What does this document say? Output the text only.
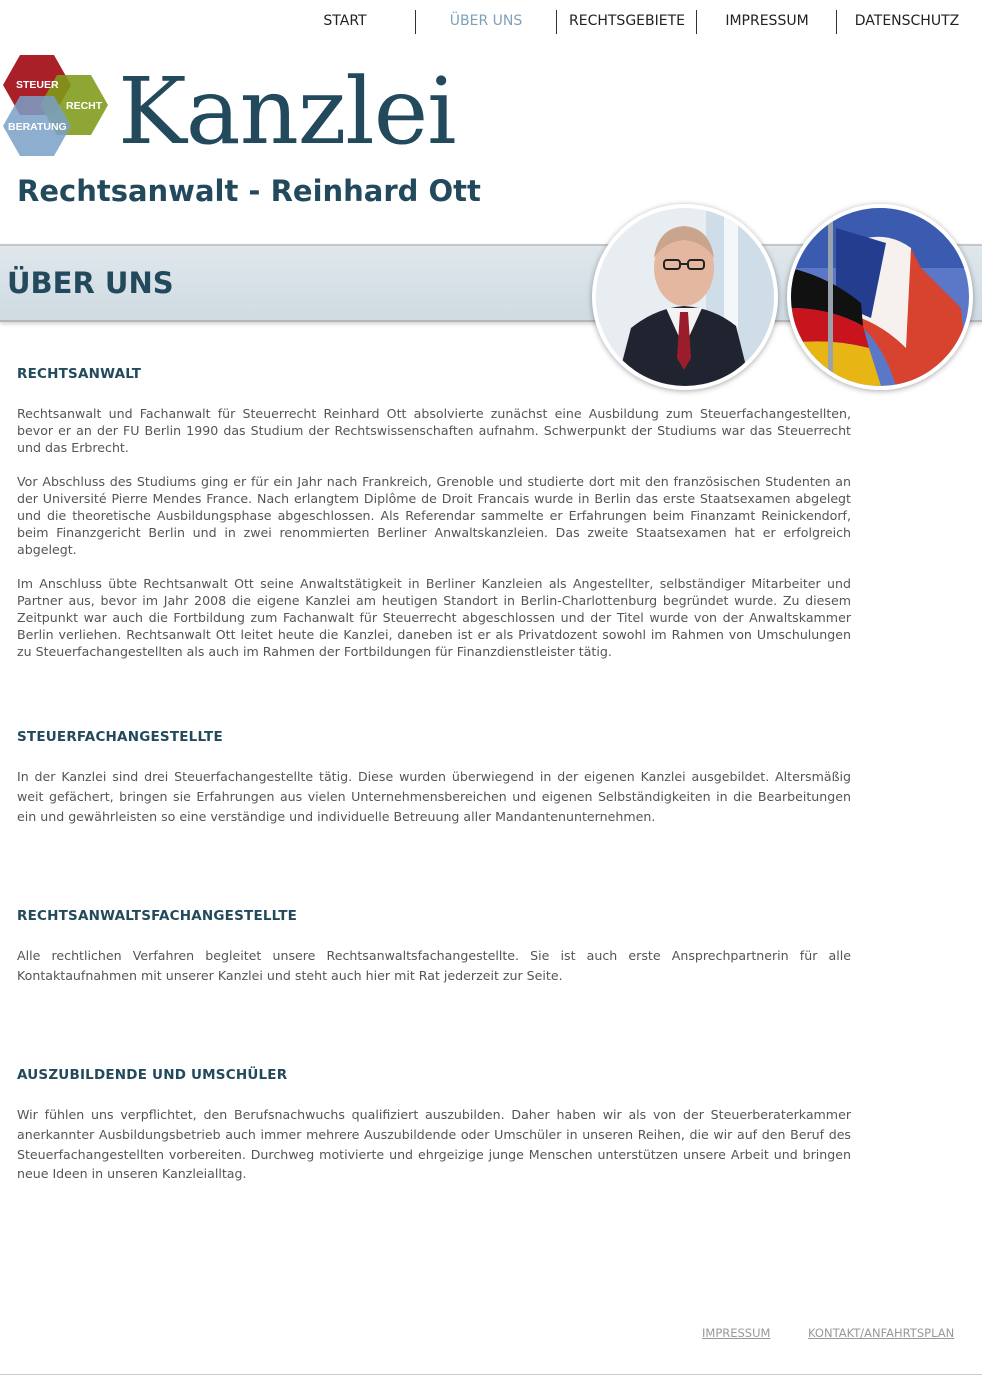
START	ÜBER UNS	RECHTSGEBIETE	IMPRESSUM	DATENSCHUTZ
STEUER
RECHT
BERATUNG Kanzlei
Rechtsanwalt - Reinhard Ott
ÜBER UNS
RECHTSANWALT

Rechtsanwalt und Fachanwalt für Steuerrecht Reinhard Ott absolvierte zunächst eine Ausbildung zum Steuerfachangestellten, bevor er an der FU Berlin 1990 das Studium der Rechtswissenschaften aufnahm. Schwerpunkt der Studiums war das Steuerrecht und das Erbrecht.

Vor Abschluss des Studiums ging er für ein Jahr nach Frankreich, Grenoble und studierte dort mit den französischen Studenten an der Université Pierre Mendes France. Nach erlangtem Diplôme de Droit Francais wurde in Berlin das erste Staatsexamen abgelegt und die theoretische Ausbildungsphase abgeschlossen. Als Referendar sammelte er Erfahrungen beim Finanzamt Reinickendorf, beim Finanzgericht Berlin und in zwei renommierten Berliner Anwaltskanzleien. Das zweite Staatsexamen hat er erfolgreich abgelegt.

Im Anschluss übte Rechtsanwalt Ott seine Anwaltstätigkeit in Berliner Kanzleien als Angestellter, selbständiger Mitarbeiter und Partner aus, bevor im Jahr 2008 die eigene Kanzlei am heutigen Standort in Berlin-Charlottenburg begründet wurde. Zu diesem Zeitpunkt war auch die Fortbildung zum Fachanwalt für Steuerrecht abgeschlossen und der Titel wurde von der Anwaltskammer Berlin verliehen. Rechtsanwalt Ott leitet heute die Kanzlei, daneben ist er als Privatdozent sowohl im Rahmen von Umschulungen zu Steuerfachangestellten als auch im Rahmen der Fortbildungen für Finanzdienstleister tätig.

STEUERFACHANGESTELLTE

In der Kanzlei sind drei Steuerfachangestellte tätig. Diese wurden überwiegend in der eigenen Kanzlei ausgebildet. Altersmäßig weit gefächert, bringen sie Erfahrungen aus vielen Unternehmensbereichen und eigenen Selbständigkeiten in die Bearbeitungen ein und gewährleisten so eine verständige und individuelle Betreuung aller Mandantenunternehmen.

RECHTSANWALTSFACHANGESTELLTE

Alle rechtlichen Verfahren begleitet unsere Rechtsanwaltsfachangestellte. Sie ist auch erste Ansprechpartnerin für alle Kontaktaufnahmen mit unserer Kanzlei und steht auch hier mit Rat jederzeit zur Seite.

AUSZUBILDENDE UND UMSCHÜLER

Wir fühlen uns verpflichtet, den Berufsnachwuchs qualifiziert auszubilden. Daher haben wir als von der Steuerberaterkammer anerkannter Ausbildungsbetrieb auch immer mehrere Auszubildende oder Umschüler in unseren Reihen, die wir auf den Beruf des Steuerfachangestellten vorbereiten. Durchweg motivierte und ehrgeizige junge Menschen unterstützen unsere Arbeit und bringen neue Ideen in unseren Kanzleialltag.

IMPRESSUM	KONTAKT/ANFAHRTSPLAN
